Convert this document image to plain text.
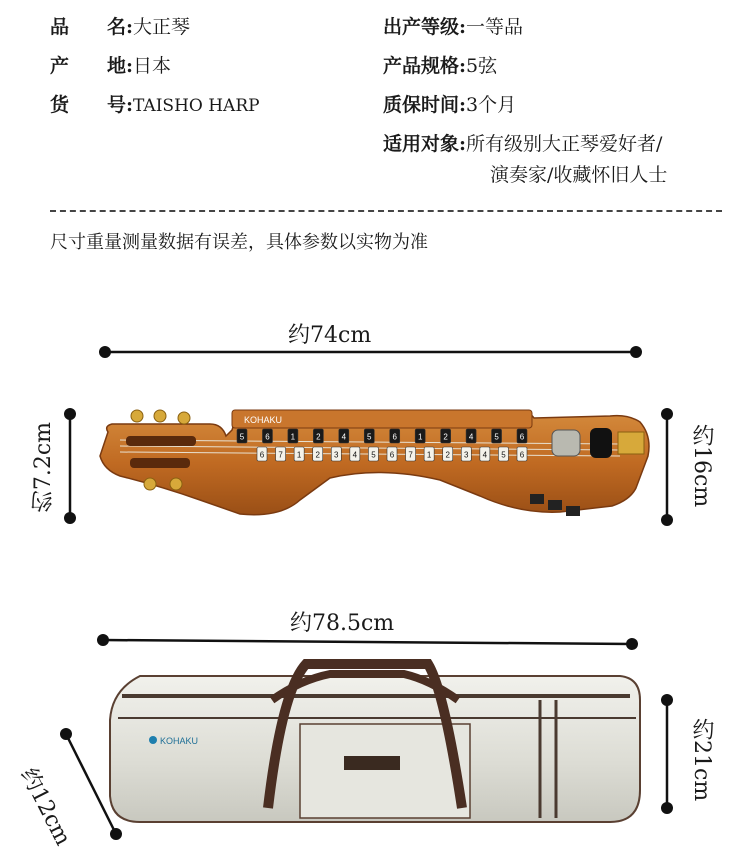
品　　名:大正琴
产　　地:日本
货　　号:TAISHO HARP
出产等级:一等品
产品规格:5弦
质保时间:3个月
适用对象:所有级别大正琴爱好者/
演奏家/收藏怀旧人士
尺寸重量测量数据有误差，具体参数以实物为准
KOHAKU
5	6	1	2	4	5	6	1	2	4	5	6
6 7 1 2 3 4 5 6 7 1 2 3 4 5 6
KOHAKU
约74cm
约7.2cm	约16cm
约78.5cm
约12cm
约21cm
